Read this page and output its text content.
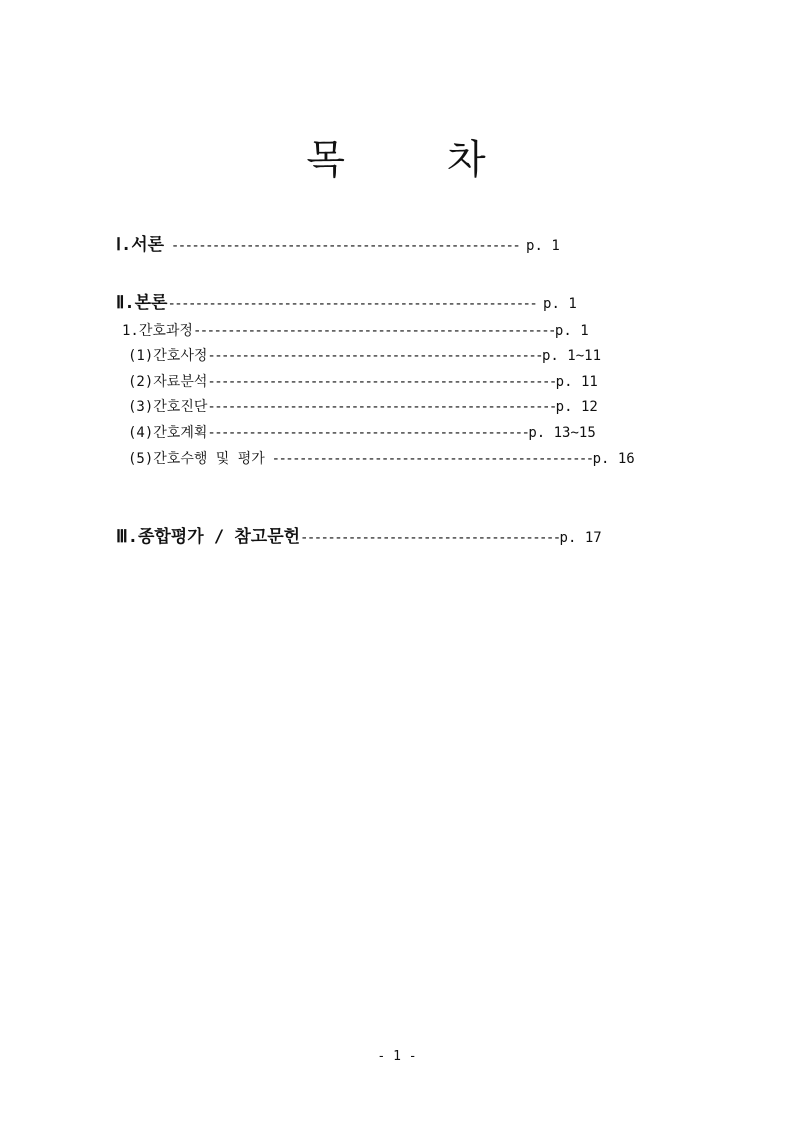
목	차
Ⅰ.서론 --------------------------------------------------- p. 1
Ⅱ.본론------------------------------------------------------ p. 1
1.간호과정-----------------------------------------------------p. 1
(1)간호사정-------------------------------------------------p. 1~11
(2)자료분석---------------------------------------------------p. 11
(3)간호진단---------------------------------------------------p. 12
(4)간호계획-----------------------------------------------p. 13~15
(5)간호수행 및 평가 -----------------------------------------------p. 16
Ⅲ.종합평가 / 참고문헌--------------------------------------p. 17
- 1 -
